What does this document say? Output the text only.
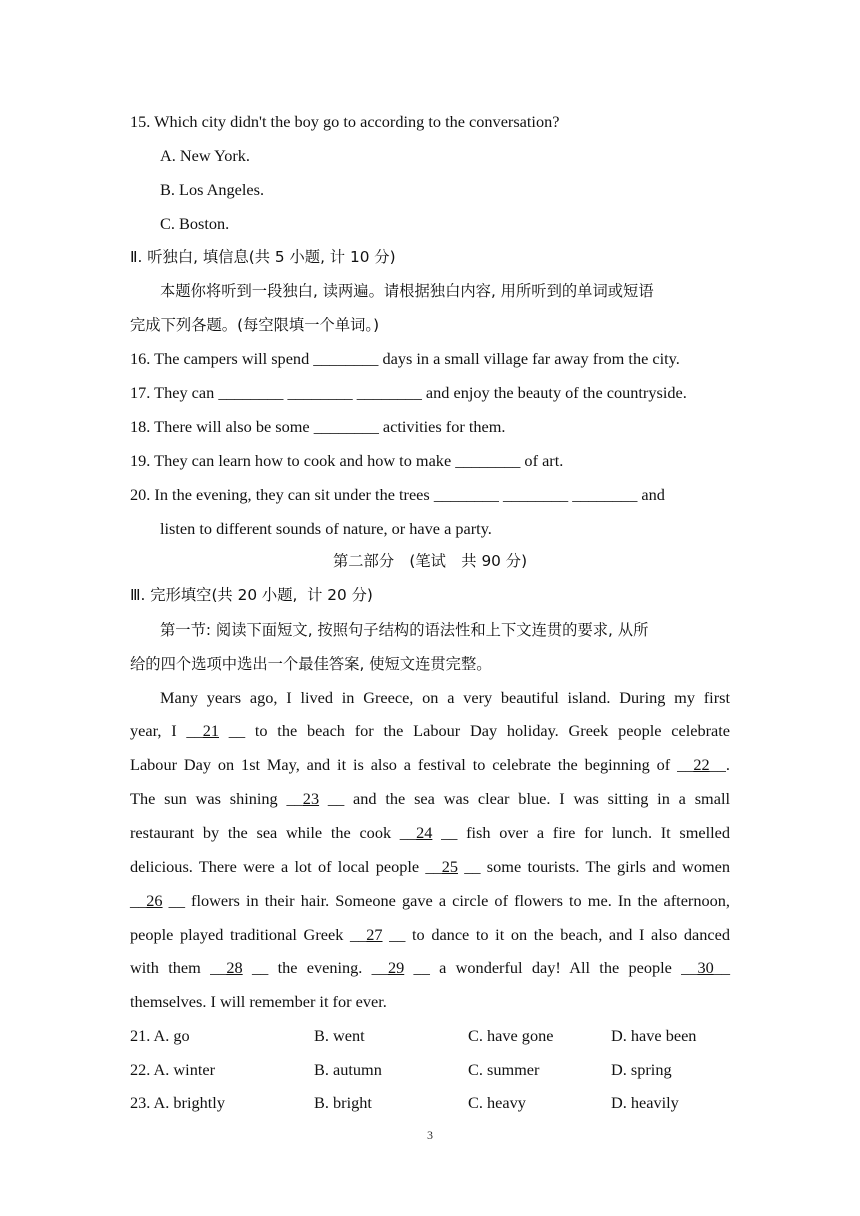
15. Which city didn't the boy go to according to the conversation?
A. New York.
B. Los Angeles.
C. Boston.
Ⅱ. 听独白, 填信息(共 5 小题, 计 10 分)
本题你将听到一段独白, 读两遍。请根据独白内容, 用所听到的单词或短语
完成下列各题。(每空限填一个单词。)
16. The campers will spend ________ days in a small village far away from the city.
17. They can ________ ________ ________ and enjoy the beauty of the countryside.
18. There will also be some ________ activities for them.
19. They can learn how to cook and how to make ________ of art.
20. In the evening, they can sit under the trees ________ ________ ________ and
listen to different sounds of nature, or have a party.
第二部分　(笔试　共 90 分)
Ⅲ. 完形填空(共 20 小题,  计 20 分)
第一节: 阅读下面短文, 按照句子结构的语法性和上下文连贯的要求, 从所
给的四个选项中选出一个最佳答案, 使短文连贯完整。
Many years ago, I lived in Greece, on a very beautiful island. During my first
year, I __21 __ to the beach for the Labour Day holiday. Greek people celebrate
Labour Day on 1st May, and it is also a festival to celebrate the beginning of __22__.
The sun was shining __23 __ and the sea was clear blue. I was sitting in a small
restaurant by the sea while the cook __24 __ fish over a fire for lunch. It smelled
delicious. There were a lot of local people __25 __ some tourists. The girls and women
__26 __ flowers in their hair. Someone gave a circle of flowers to me. In the afternoon,
people played traditional Greek __27 __ to dance to it on the beach, and I also danced
with them __28 __ the evening. __29 __ a wonderful day! All the people __30__
themselves. I will remember it for ever.
21. A. go	B. went	C. have gone	D. have been
22. A. winter	B. autumn	C. summer	D. spring
23. A. brightly	B. bright	C. heavy	D. heavily
3
